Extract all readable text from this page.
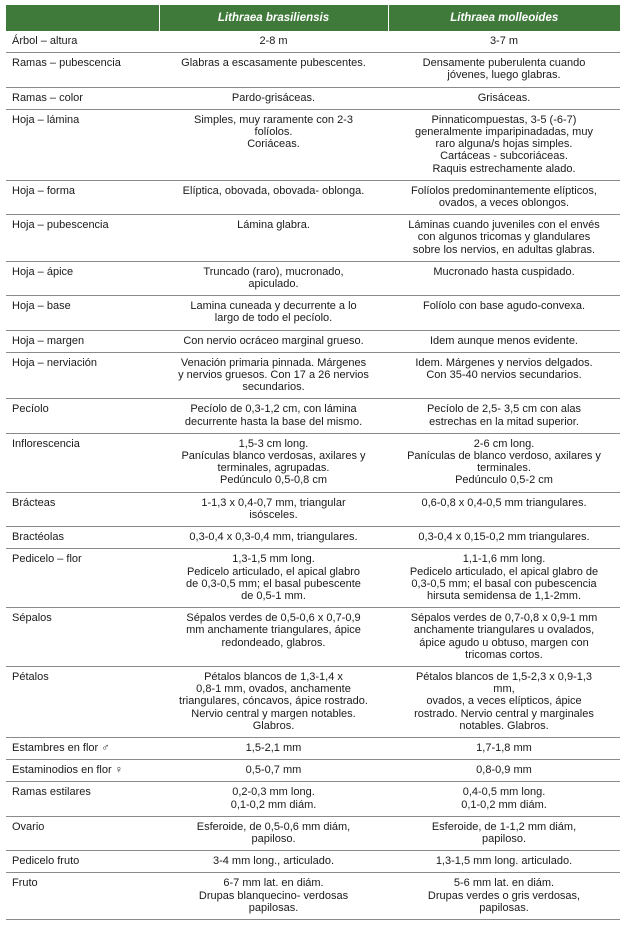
	Lithraea brasiliensis	Lithraea molleoides
Árbol – altura	2-8 m	3-7 m
Ramas – pubescencia	Glabras a escasamente pubescentes.	Densamente puberulenta cuando
jóvenes, luego glabras.
Ramas – color	Pardo-grisáceas.	Grisáceas.
Hoja – lámina	Simples, muy raramente con 2-3
folíolos.
Coriáceas.	Pinnaticompuestas, 3-5 (-6-7)
generalmente imparipinadadas, muy
raro alguna/s hojas simples.
Cartáceas - subcoriáceas.
Raquis estrechamente alado.
Hoja – forma	Elíptica, obovada, obovada- oblonga.	Folíolos predominantemente elípticos,
ovados, a veces oblongos.
Hoja – pubescencia	Lámina glabra.	Láminas cuando juveniles con el envés
con algunos tricomas y glandulares
sobre los nervios, en adultas glabras.
Hoja – ápice	Truncado (raro), mucronado,
apiculado.	Mucronado hasta cuspidado.
Hoja – base	Lamina cuneada y decurrente a lo
largo de todo el pecíolo.	Folíolo con base agudo-convexa.
Hoja – margen	Con nervio ocráceo marginal grueso.	Idem aunque menos evidente.
Hoja – nerviación	Venación primaria pinnada. Márgenes
y nervios gruesos. Con 17 a 26 nervios
secundarios.	Idem. Márgenes y nervios delgados.
Con 35-40 nervios secundarios.
Pecíolo	Pecíolo de 0,3-1,2 cm, con lámina
decurrente hasta la base del mismo.	Pecíolo de 2,5- 3,5 cm con alas
estrechas en la mitad superior.
Inflorescencia	1,5-3 cm long.
Panículas blanco verdosas, axilares y
terminales, agrupadas.
Pedúnculo 0,5-0,8 cm	2-6 cm long.
Panículas de blanco verdoso, axilares y
terminales.
Pedúnculo 0,5-2 cm
Brácteas	1-1,3 x 0,4-0,7 mm, triangular
isósceles.	0,6-0,8 x 0,4-0,5 mm triangulares.
Bractéolas	0,3-0,4 x 0,3-0,4 mm, triangulares.	0,3-0,4 x 0,15-0,2 mm triangulares.
Pedicelo – flor	1,3-1,5 mm long.
Pedicelo articulado, el apical glabro
de 0,3-0,5 mm; el basal pubescente
de 0,5-1 mm.	1,1-1,6 mm long.
Pedicelo articulado, el apical glabro de
0,3-0,5 mm; el basal con pubescencia
hirsuta semidensa de 1,1-2mm.
Sépalos	Sépalos verdes de 0,5-0,6 x 0,7-0,9
mm anchamente triangulares, ápice
redondeado, glabros.	Sépalos verdes de 0,7-0,8 x 0,9-1 mm
anchamente triangulares u ovalados,
ápice agudo u obtuso, margen con
tricomas cortos.
Pétalos	Pétalos blancos de 1,3-1,4 x
0,8-1 mm, ovados, anchamente
triangulares, cóncavos, ápice rostrado.
Nervio central y margen notables.
Glabros.	Pétalos blancos de 1,5-2,3 x 0,9-1,3
mm,
ovados, a veces elípticos, ápice
rostrado. Nervio central y marginales
notables. Glabros.
Estambres en flor ♂	1,5-2,1 mm	1,7-1,8 mm
Estaminodios en flor ♀	0,5-0,7 mm	0,8-0,9 mm
Ramas estilares	0,2-0,3 mm long.
0,1-0,2 mm diám.	0,4-0,5 mm long.
0,1-0,2 mm diám.
Ovario	Esferoide, de 0,5-0,6 mm diám,
papiloso.	Esferoide, de 1-1,2 mm diám,
papiloso.
Pedicelo fruto	3-4 mm long., articulado.	1,3-1,5 mm long. articulado.
Fruto	6-7 mm lat. en diám.
Drupas blanquecino- verdosas
papilosas.	5-6 mm lat. en diám.
Drupas verdes o gris verdosas,
papilosas.
